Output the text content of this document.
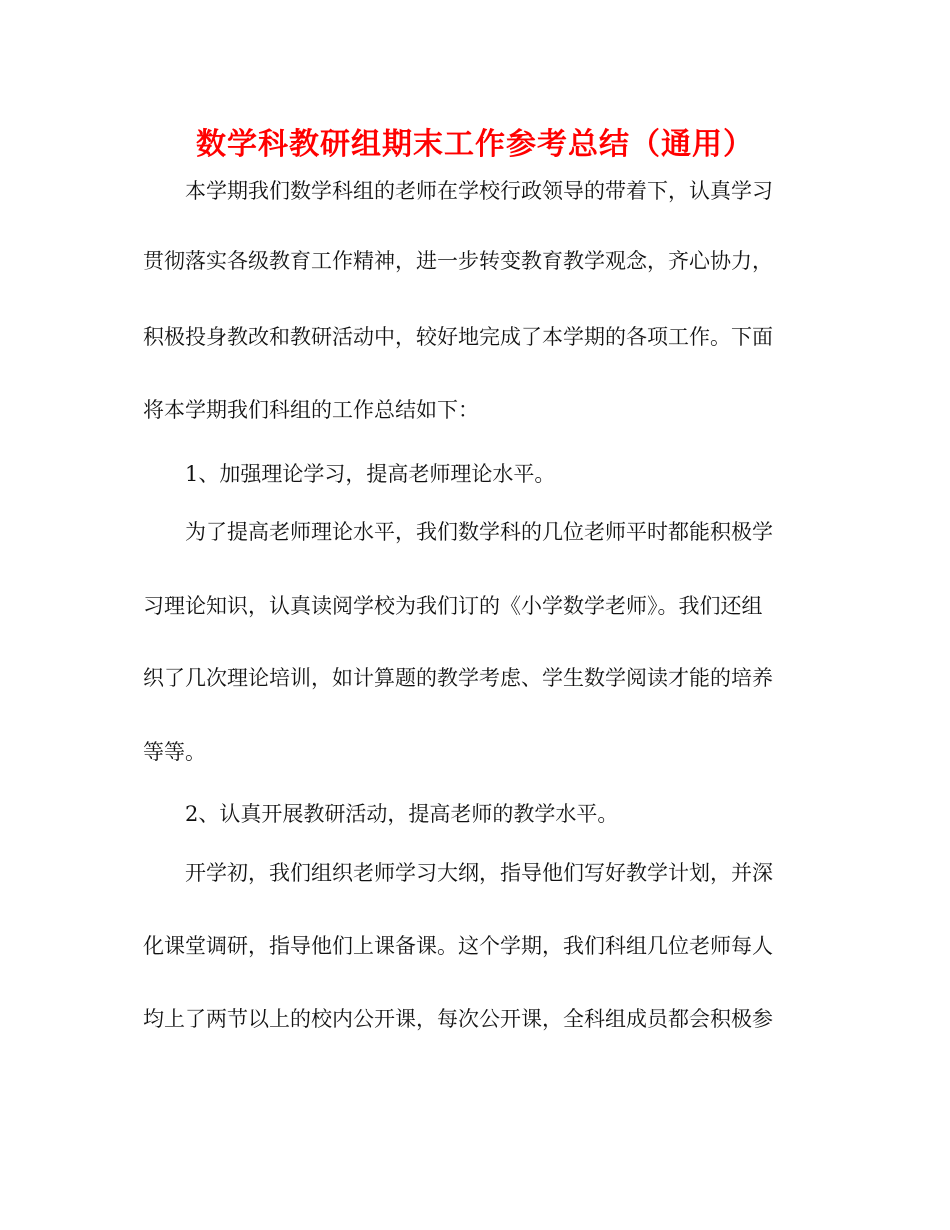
数学科教研组期末工作参考总结（通用）
本学期我们数学科组的老师在学校行政领导的带着下，认真学习
贯彻落实各级教育工作精神，进一步转变教育教学观念，齐心协力，
积极投身教改和教研活动中，较好地完成了本学期的各项工作。下面
将本学期我们科组的工作总结如下：
1、加强理论学习，提高老师理论水平。
为了提高老师理论水平，我们数学科的几位老师平时都能积极学
习理论知识，认真读阅学校为我们订的《小学数学老师》。我们还组
织了几次理论培训，如计算题的教学考虑、学生数学阅读才能的培养
等等。
2、认真开展教研活动，提高老师的教学水平。
开学初，我们组织老师学习大纲，指导他们写好教学计划，并深
化课堂调研，指导他们上课备课。这个学期，我们科组几位老师每人
均上了两节以上的校内公开课，每次公开课，全科组成员都会积极参
